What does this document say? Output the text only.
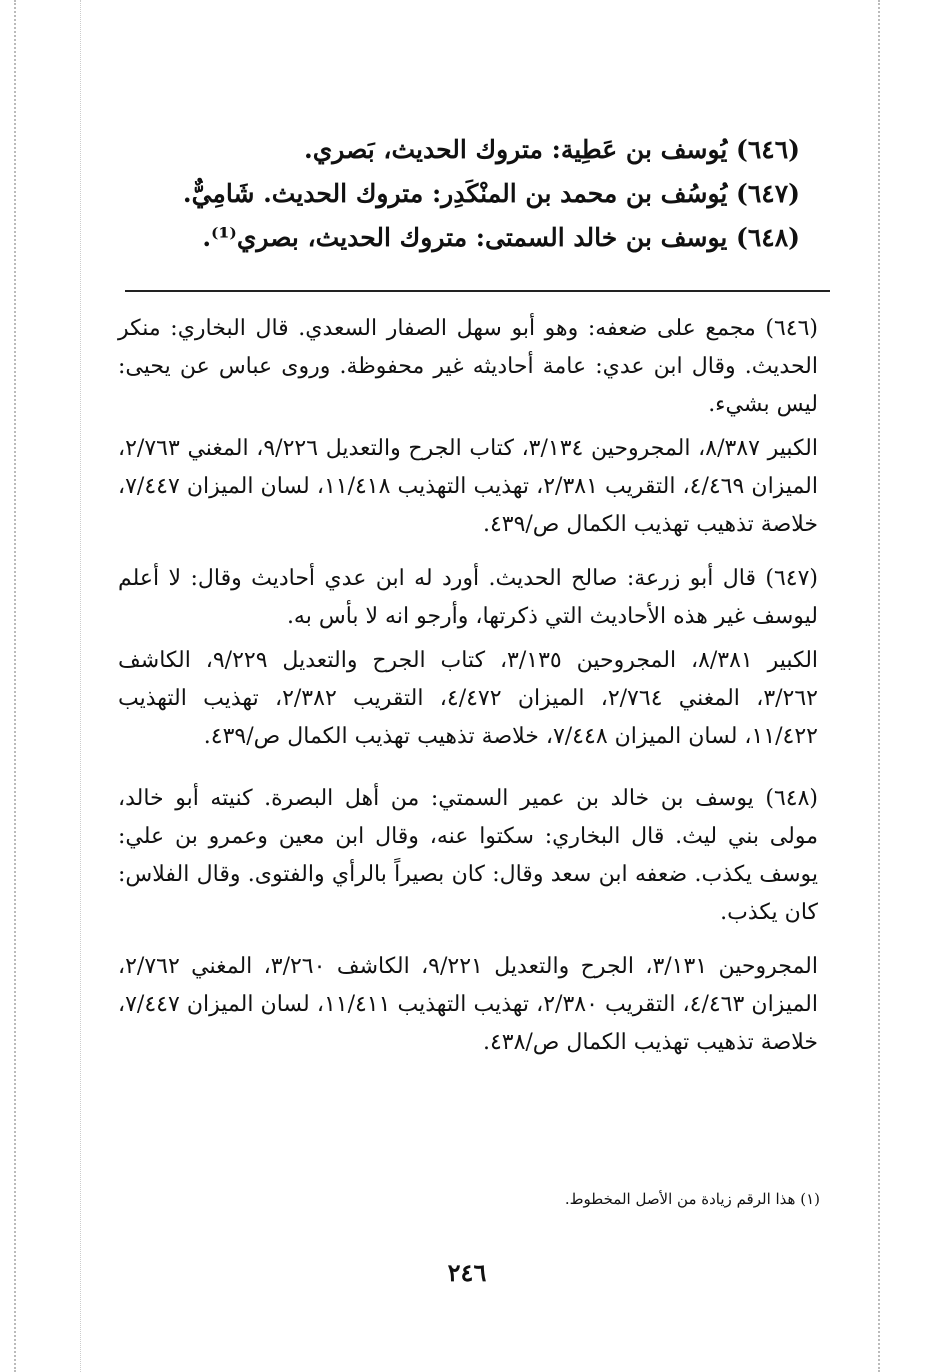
(٦٤٦) يُوسف بن عَطِية: متروك الحديث، بَصري.
(٦٤٧) يُوسُف بن محمد بن المنْكَدِر: متروك الحديث. شَامِيٌّ.
(٦٤٨) يوسف بن خالد السمتى: متروك الحديث، بصري⁽¹⁾.
(٦٤٦) مجمع على ضعفه: وهو أبو سهل الصفار السعدي. قال البخاري: منكر الحديث. وقال ابن عدي: عامة أحاديثه غير محفوظة. وروى عباس عن يحيى: ليس بشيء.
الكبير ٨/٣٨٧، المجروحين ٣/١٣٤، كتاب الجرح والتعديل ٩/٢٢٦، المغني ٢/٧٦٣، الميزان ٤/٤٦٩، التقريب ٢/٣٨١، تهذيب التهذيب ١١/٤١٨، لسان الميزان ٧/٤٤٧، خلاصة تذهيب تهذيب الكمال ص/٤٣٩.
(٦٤٧) قال أبو زرعة: صالح الحديث. أورد له ابن عدي أحاديث وقال: لا أعلم ليوسف غير هذه الأحاديث التي ذكرتها، وأرجو انه لا بأس به.
الكبير ٨/٣٨١، المجروحين ٣/١٣٥، كتاب الجرح والتعديل ٩/٢٢٩، الكاشف ٣/٢٦٢، المغني ٢/٧٦٤، الميزان ٤/٤٧٢، التقريب ٢/٣٨٢، تهذيب التهذيب ١١/٤٢٢، لسان الميزان ٧/٤٤٨، خلاصة تذهيب تهذيب الكمال ص/٤٣٩.
(٦٤٨) يوسف بن خالد بن عمير السمتي: من أهل البصرة. كنيته أبو خالد، مولى بني ليث. قال البخاري: سكتوا عنه، وقال ابن معين وعمرو بن علي: يوسف يكذب. ضعفه ابن سعد وقال: كان بصيراً بالرأي والفتوى. وقال الفلاس: كان يكذب.
المجروحين ٣/١٣١، الجرح والتعديل ٩/٢٢١، الكاشف ٣/٢٦٠، المغني ٢/٧٦٢، الميزان ٤/٤٦٣، التقريب ٢/٣٨٠، تهذيب التهذيب ١١/٤١١، لسان الميزان ٧/٤٤٧، خلاصة تذهيب تهذيب الكمال ص/٤٣٨.
(١) هذا الرقم زيادة من الأصل المخطوط.
٢٤٦
